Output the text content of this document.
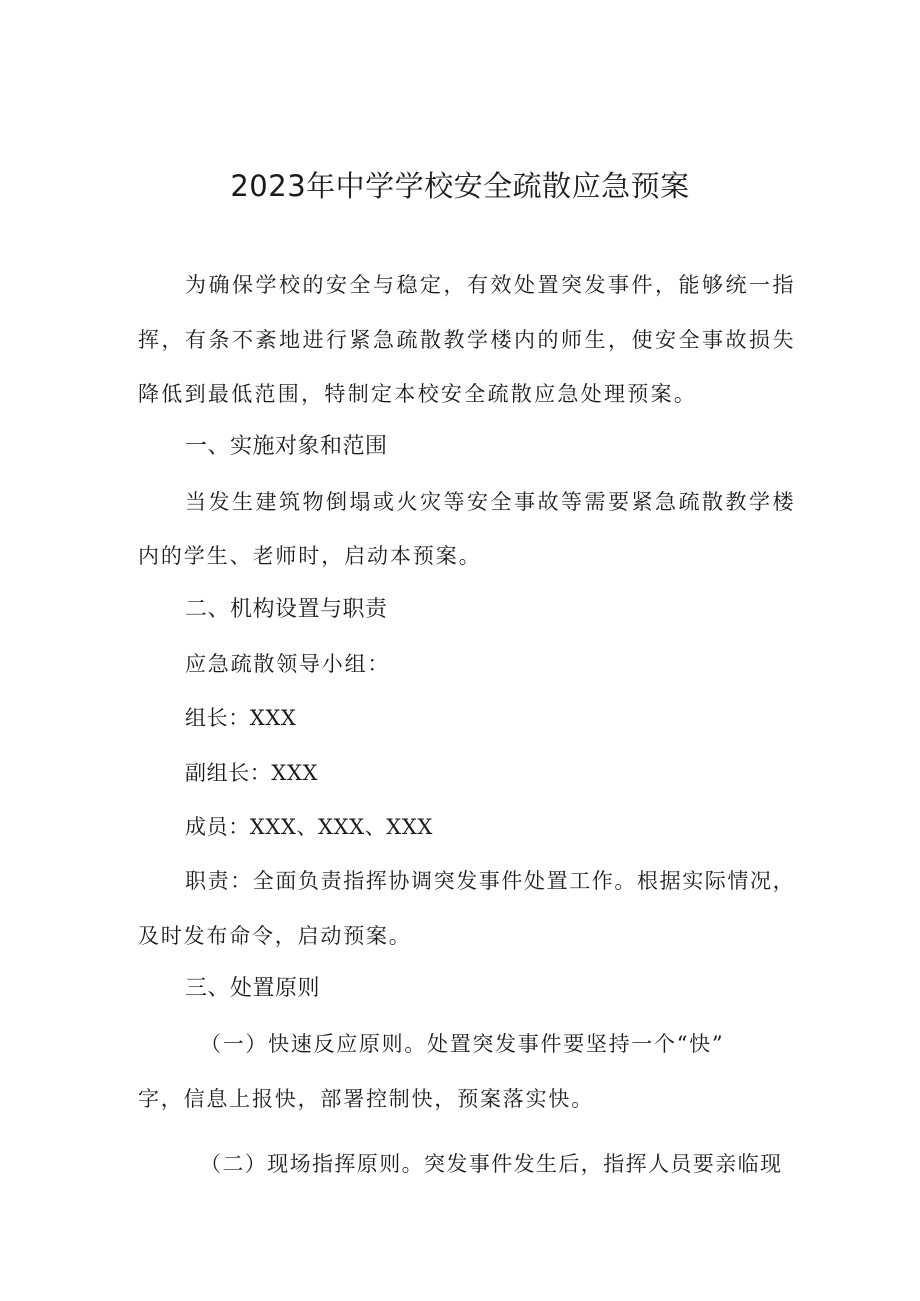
2023年中学学校安全疏散应急预案
为确保学校的安全与稳定，有效处置突发事件，能够统一指
挥，有条不紊地进行紧急疏散教学楼内的师生，使安全事故损失
降低到最低范围，特制定本校安全疏散应急处理预案。
一、实施对象和范围
当发生建筑物倒塌或火灾等安全事故等需要紧急疏散教学楼
内的学生、老师时，启动本预案。
二、机构设置与职责
应急疏散领导小组：
组长：XXX
副组长：XXX
成员：XXX、XXX、XXX
职责：全面负责指挥协调突发事件处置工作。根据实际情况，
及时发布命令，启动预案。
三、处置原则
（一）快速反应原则。处置突发事件要坚持一个“快”
字，信息上报快，部署控制快，预案落实快。
（二）现场指挥原则。突发事件发生后，指挥人员要亲临现
